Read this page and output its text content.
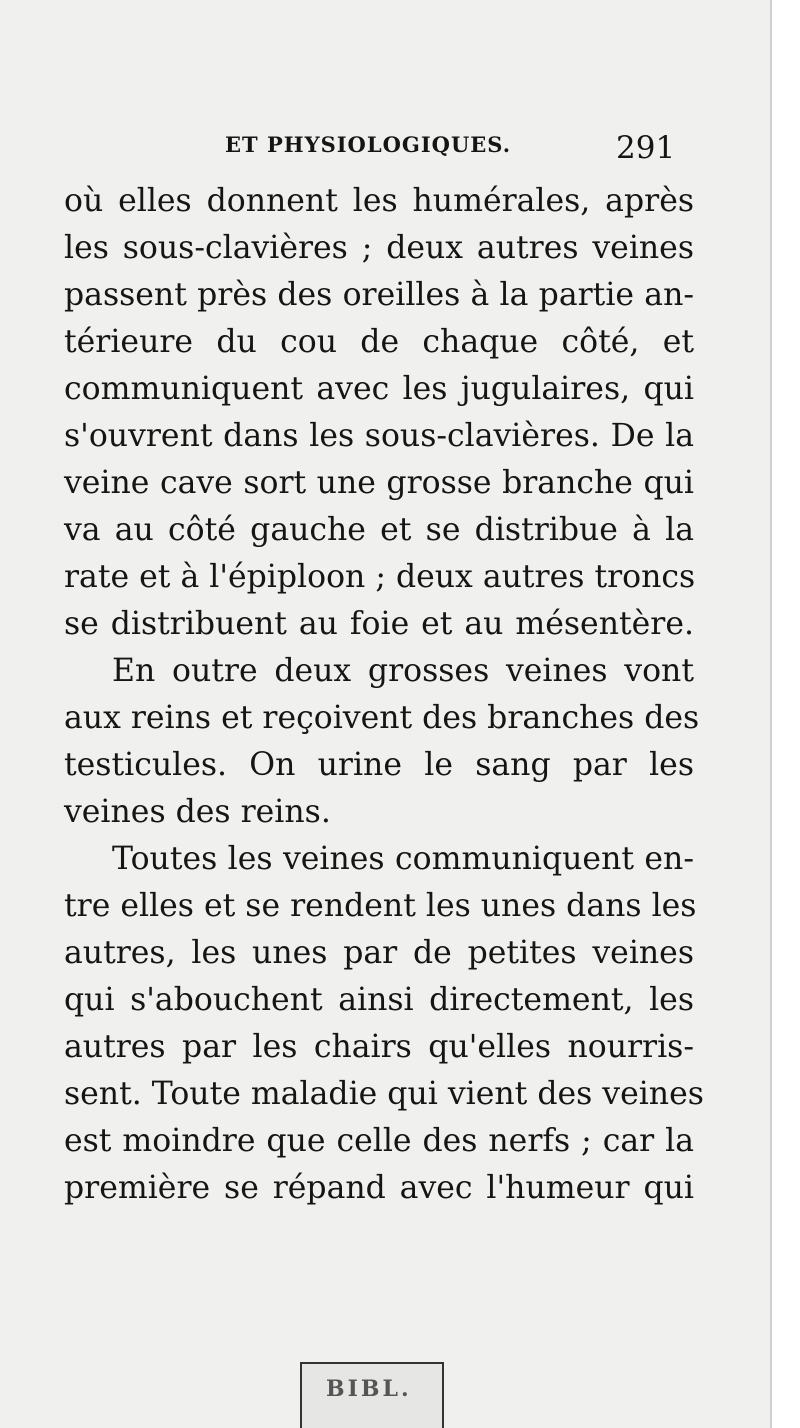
ET PHYSIOLOGIQUES.	291

où elles donnent les humérales, après
les sous-clavières ; deux autres veines
passent près des oreilles à la partie an-
térieure du cou de chaque côté, et
communiquent avec les jugulaires, qui
s'ouvrent dans les sous-clavières. De la
veine cave sort une grosse branche qui
va au côté gauche et se distribue à la
rate et à l'épiploon ; deux autres troncs
se distribuent au foie et au mésentère.

En outre deux grosses veines vont
aux reins et reçoivent des branches des
testicules. On urine le sang par les
veines des reins.

Toutes les veines communiquent en-
tre elles et se rendent les unes dans les
autres, les unes par de petites veines
qui s'abouchent ainsi directement, les
autres par les chairs qu'elles nourris-
sent. Toute maladie qui vient des veines
est moindre que celle des nerfs ; car la
première se répand avec l'humeur qui

BIBL.
